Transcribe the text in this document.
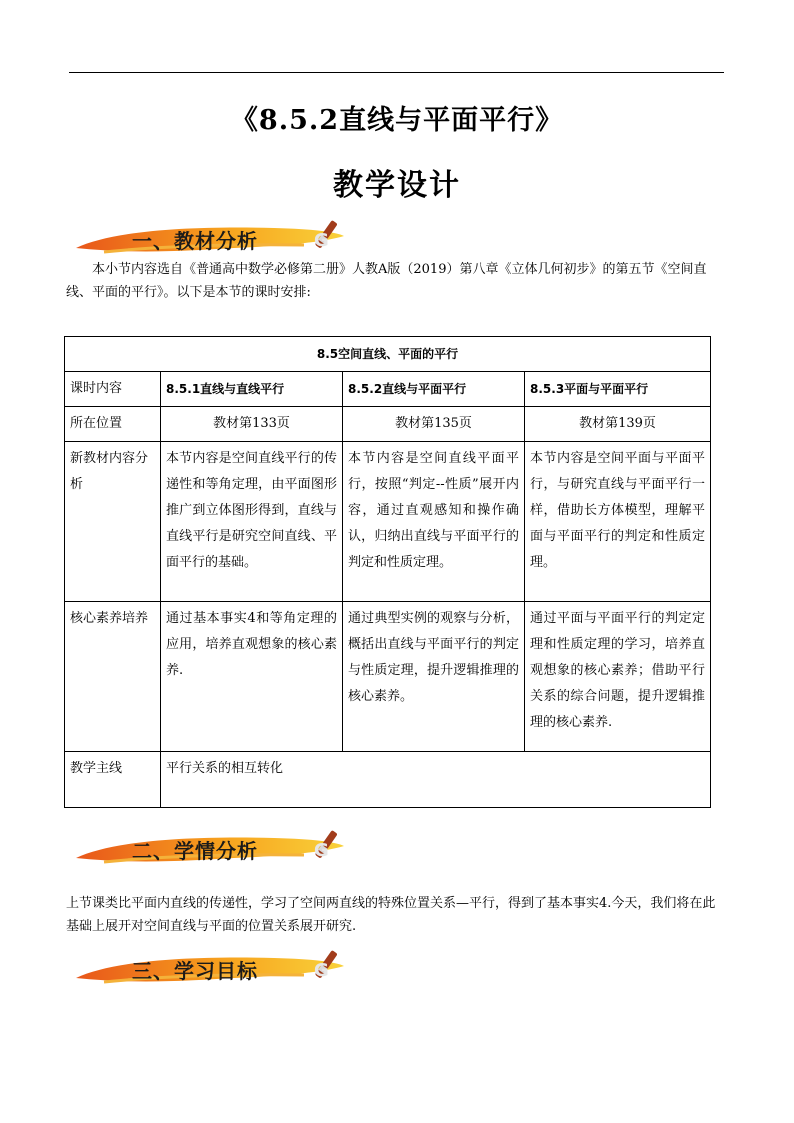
《8.5.2直线与平面平行》
教学设计
G
一、教材分析

本小节内容选自《普通高中数学必修第二册》人教A版（2019）第八章《立体几何初步》的第五节《空间直线、平面的平行》。以下是本节的课时安排:

8.5空间直线、平面的平行			
课时内容	8.5.1直线与直线平行	8.5.2直线与平面平行	8.5.3平面与平面平行
所在位置	教材第133页	教材第135页	教材第139页
新教材内容分析	本节内容是空间直线平行的传递性和等角定理，由平面图形推广到立体图形得到，直线与直线平行是研究空间直线、平面平行的基础。	本节内容是空间直线平面平行，按照“判定--性质”展开内容，通过直观感知和操作确认，归纳出直线与平面平行的判定和性质定理。	本节内容是空间平面与平面平行，与研究直线与平面平行一样，借助长方体模型，理解平面与平面平行的判定和性质定理。
核心素养培养	通过基本事实4和等角定理的应用，培养直观想象的核心素养.	通过典型实例的观察与分析，概括出直线与平面平行的判定与性质定理，提升逻辑推理的核心素养。	通过平面与平面平行的判定定理和性质定理的学习，培养直观想象的核心素养；借助平行关系的综合问题，提升逻辑推理的核心素养.
教学主线	平行关系的相互转化		
G
二、学情分析

上节课类比平面内直线的传递性，学习了空间两直线的特殊位置关系—平行，得到了基本事实4.今天，我们将在此基础上展开对空间直线与平面的位置关系展开研究.

G
三、学习目标
